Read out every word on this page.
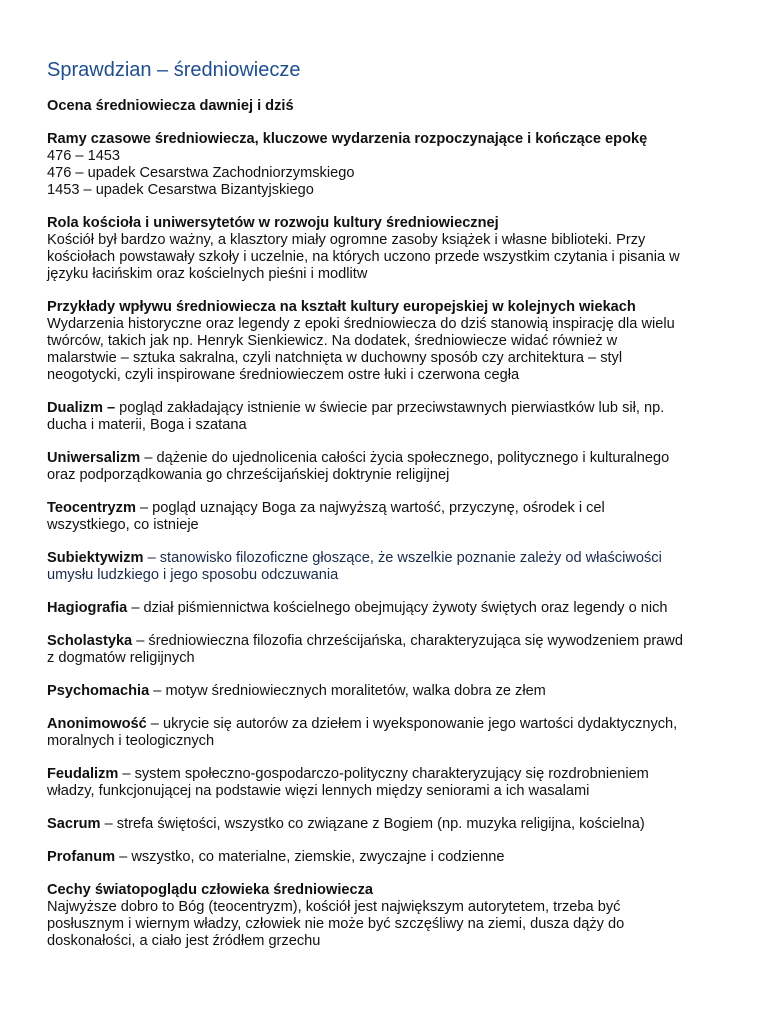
Sprawdzian – średniowiecze
Ocena średniowiecza dawniej i dziś
Ramy czasowe średniowiecza, kluczowe wydarzenia rozpoczynające i kończące epokę
476 – 1453
476 – upadek Cesarstwa Zachodniorzymskiego
1453 – upadek Cesarstwa Bizantyjskiego
Rola kościoła i uniwersytetów w rozwoju kultury średniowiecznej
Kościół był bardzo ważny, a klasztory miały ogromne zasoby książek i własne biblioteki. Przy
kościołach powstawały szkoły i uczelnie, na których uczono przede wszystkim czytania i pisania w
języku łacińskim oraz kościelnych pieśni i modlitw
Przykłady wpływu średniowiecza na kształt kultury europejskiej w kolejnych wiekach
Wydarzenia historyczne oraz legendy z epoki średniowiecza do dziś stanowią inspirację dla wielu
twórców, takich jak np. Henryk Sienkiewicz. Na dodatek, średniowiecze widać również w
malarstwie – sztuka sakralna, czyli natchnięta w duchowny sposób czy architektura – styl
neogotycki, czyli inspirowane średniowieczem ostre łuki i czerwona cegła
Dualizm – pogląd zakładający istnienie w świecie par przeciwstawnych pierwiastków lub sił, np.
ducha i materii, Boga i szatana
Uniwersalizm – dążenie do ujednolicenia całości życia społecznego, politycznego i kulturalnego
oraz podporządkowania go chrześcijańskiej doktrynie religijnej
Teocentryzm – pogląd uznający Boga za najwyższą wartość, przyczynę, ośrodek i cel
wszystkiego, co istnieje
Subiektywizm – stanowisko filozoficzne głoszące, że wszelkie poznanie zależy od właściwości
umysłu ludzkiego i jego sposobu odczuwania
Hagiografia – dział piśmiennictwa kościelnego obejmujący żywoty świętych oraz legendy o nich
Scholastyka – średniowieczna filozofia chrześcijańska, charakteryzująca się wywodzeniem prawd
z dogmatów religijnych
Psychomachia – motyw średniowiecznych moralitetów, walka dobra ze złem
Anonimowość – ukrycie się autorów za dziełem i wyeksponowanie jego wartości dydaktycznych,
moralnych i teologicznych
Feudalizm – system społeczno-gospodarczo-polityczny charakteryzujący się rozdrobnieniem
władzy, funkcjonującej na podstawie więzi lennych między seniorami a ich wasalami
Sacrum – strefa świętości, wszystko co związane z Bogiem (np. muzyka religijna, kościelna)
Profanum – wszystko, co materialne, ziemskie, zwyczajne i codzienne
Cechy światopoglądu człowieka średniowiecza
Najwyższe dobro to Bóg (teocentryzm), kościół jest największym autorytetem, trzeba być
posłusznym i wiernym władzy, człowiek nie może być szczęśliwy na ziemi, dusza dąży do
doskonałości, a ciało jest źródłem grzechu
